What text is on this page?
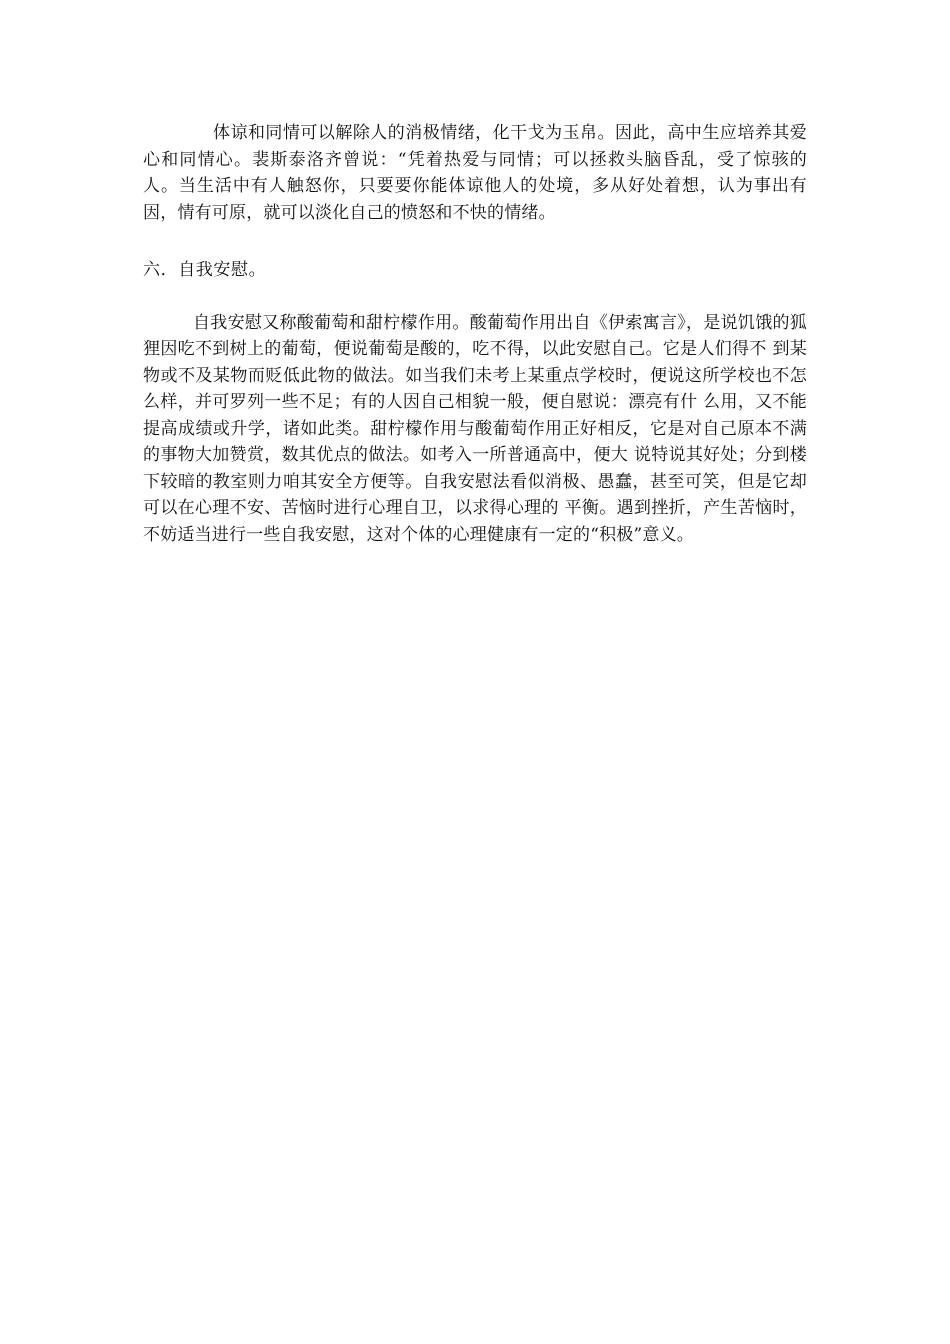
体谅和同情可以解除人的消极情绪，化干戈为玉帛。因此，高中生应培养其爱心和同情心。裴斯泰洛齐曾说：“凭着热爱与同情；可以拯救头脑昏乱，受了惊骇的 人。当生活中有人触怒你，只要要你能体谅他人的处境，多从好处着想，认为事出有因，情有可原，就可以淡化自己的愤怒和不快的情绪。

六．自我安慰。

自我安慰又称酸葡萄和甜柠檬作用。酸葡萄作用出自《伊索寓言》，是说饥饿的狐狸因吃不到树上的葡萄，便说葡萄是酸的，吃不得，以此安慰自己。它是人们得不 到某物或不及某物而贬低此物的做法。如当我们未考上某重点学校时，便说这所学校也不怎么样，并可罗列一些不足；有的人因自己相貌一般，便自慰说：漂亮有什 么用，又不能提高成绩或升学，诸如此类。甜柠檬作用与酸葡萄作用正好相反，它是对自己原本不满的事物大加赞赏，数其优点的做法。如考入一所普通高中，便大 说特说其好处；分到楼下较暗的教室则力咱其安全方便等。自我安慰法看似消极、愚蠢，甚至可笑，但是它却可以在心理不安、苦恼时进行心理自卫，以求得心理的 平衡。遇到挫折，产生苦恼时，不妨适当进行一些自我安慰，这对个体的心理健康有一定的“积极”意义。
